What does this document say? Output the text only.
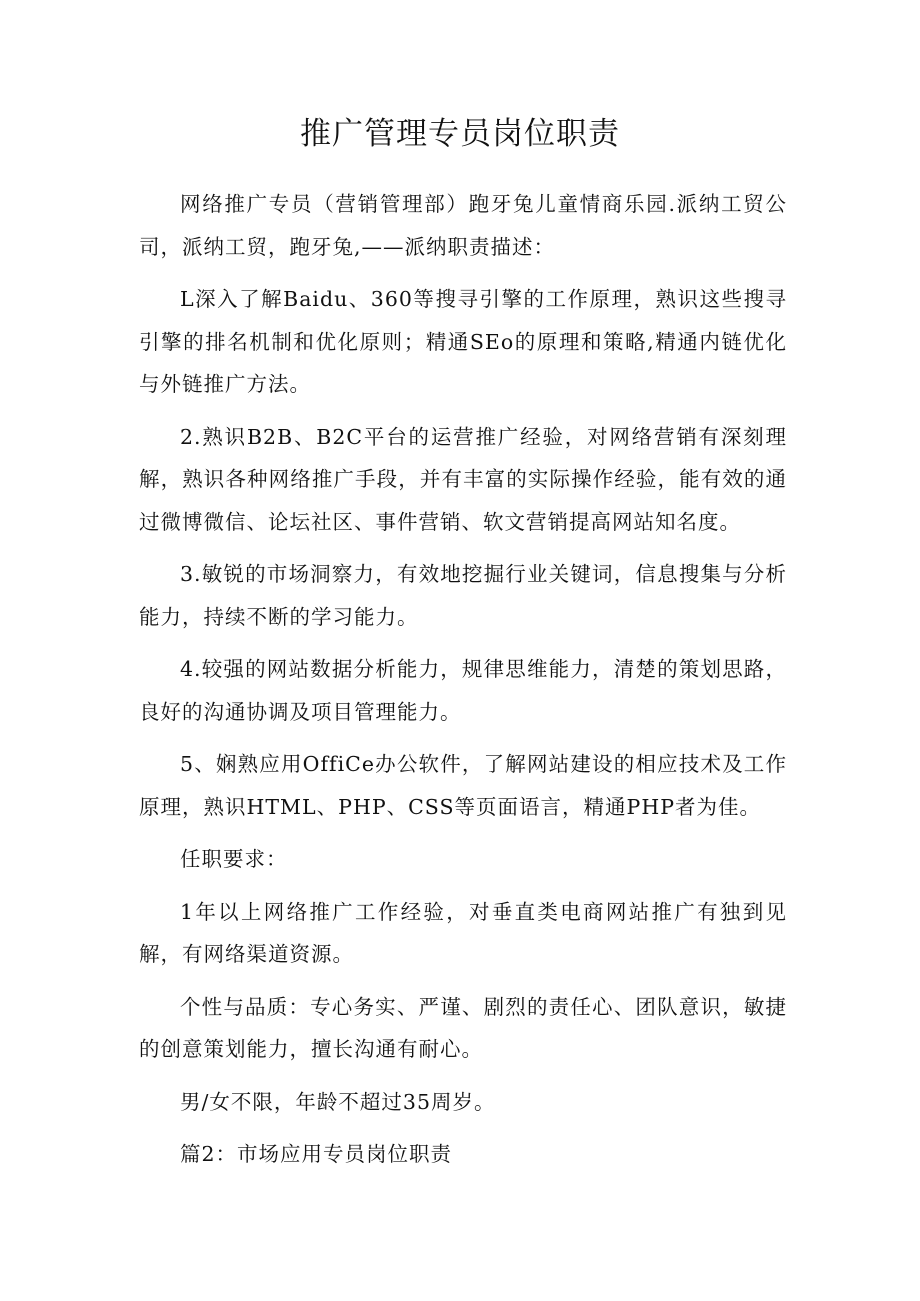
推广管理专员岗位职责

网络推广专员（营销管理部）跑牙兔儿童情商乐园.派纳工贸公司，派纳工贸，跑牙兔,——派纳职责描述：

L深入了解Baidu、360等搜寻引擎的工作原理，熟识这些搜寻引擎的排名机制和优化原则；精通SEo的原理和策略,精通内链优化与外链推广方法。

2.熟识B2B、B2C平台的运营推广经验，对网络营销有深刻理解，熟识各种网络推广手段，并有丰富的实际操作经验，能有效的通过微博微信、论坛社区、事件营销、软文营销提高网站知名度。

3.敏锐的市场洞察力，有效地挖掘行业关键词，信息搜集与分析能力，持续不断的学习能力。

4.较强的网站数据分析能力，规律思维能力，清楚的策划思路，良好的沟通协调及项目管理能力。

5、娴熟应用OffiCe办公软件，了解网站建设的相应技术及工作原理，熟识HTML、PHP、CSS等页面语言，精通PHP者为佳。

任职要求：

1年以上网络推广工作经验，对垂直类电商网站推广有独到见解，有网络渠道资源。

个性与品质：专心务实、严谨、剧烈的责任心、团队意识，敏捷的创意策划能力，擅长沟通有耐心。

男/女不限，年龄不超过35周岁。

篇2：市场应用专员岗位职责
